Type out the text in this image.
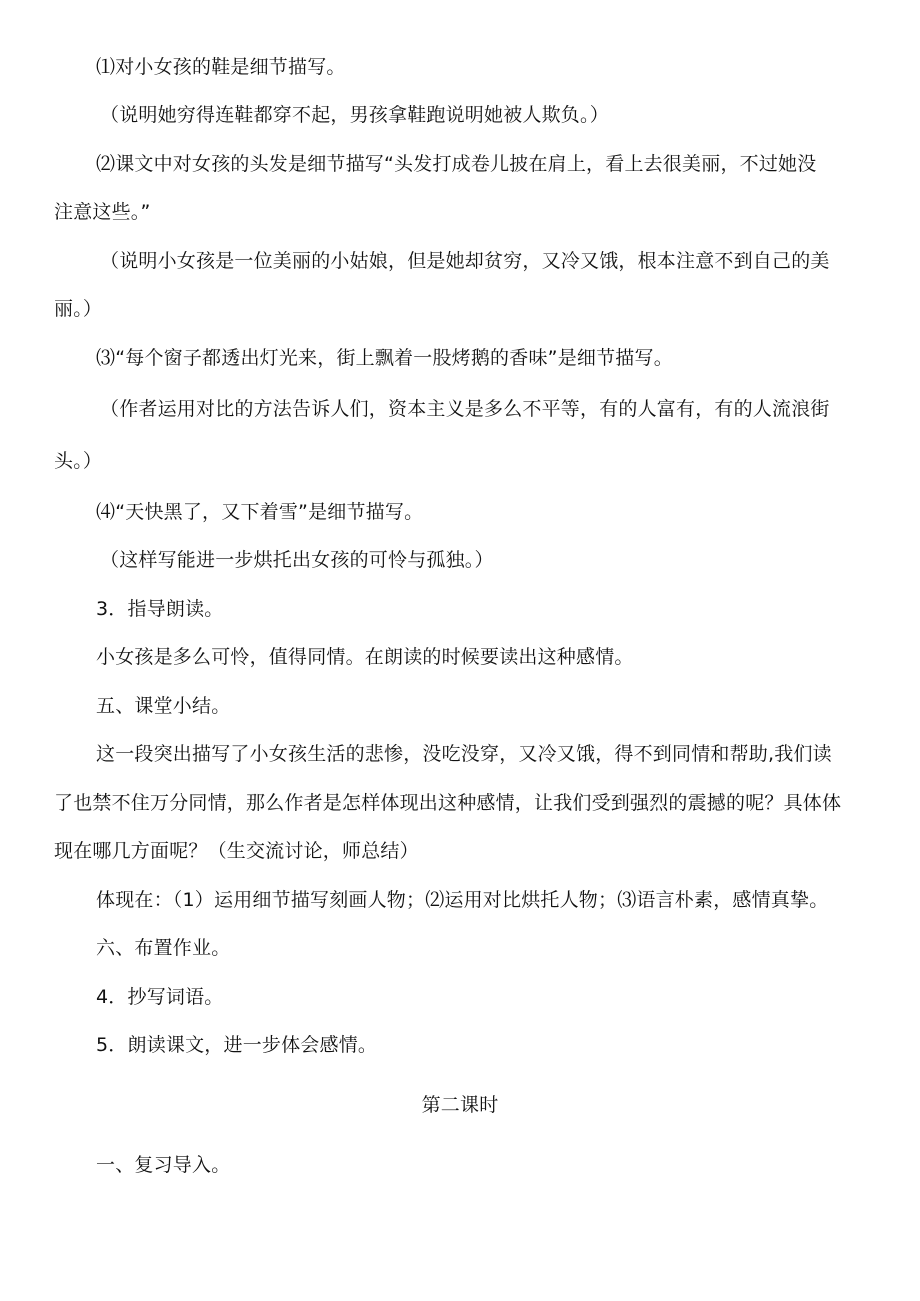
⑴对小女孩的鞋是细节描写。
（说明她穷得连鞋都穿不起，男孩拿鞋跑说明她被人欺负。）
⑵课文中对女孩的头发是细节描写“头发打成卷儿披在肩上，看上去很美丽，不过她没
注意这些。”
（说明小女孩是一位美丽的小姑娘，但是她却贫穷，又冷又饿，根本注意不到自己的美
丽。）
⑶“每个窗子都透出灯光来，街上飘着一股烤鹅的香味”是细节描写。
（作者运用对比的方法告诉人们，资本主义是多么不平等，有的人富有，有的人流浪街
头。）
⑷“天快黑了，又下着雪”是细节描写。
（这样写能进一步烘托出女孩的可怜与孤独。）
3．指导朗读。
小女孩是多么可怜，值得同情。在朗读的时候要读出这种感情。
五、课堂小结。
这一段突出描写了小女孩生活的悲惨，没吃没穿，又冷又饿，得不到同情和帮助,我们读
了也禁不住万分同情，那么作者是怎样体现出这种感情，让我们受到强烈的震撼的呢？具体体
现在哪几方面呢？（生交流讨论，师总结）
体现在：（1）运用细节描写刻画人物；⑵运用对比烘托人物；⑶语言朴素，感情真挚。
六、布置作业。
4．抄写词语。
5．朗读课文，进一步体会感情。
第二课时
一、复习导入。
